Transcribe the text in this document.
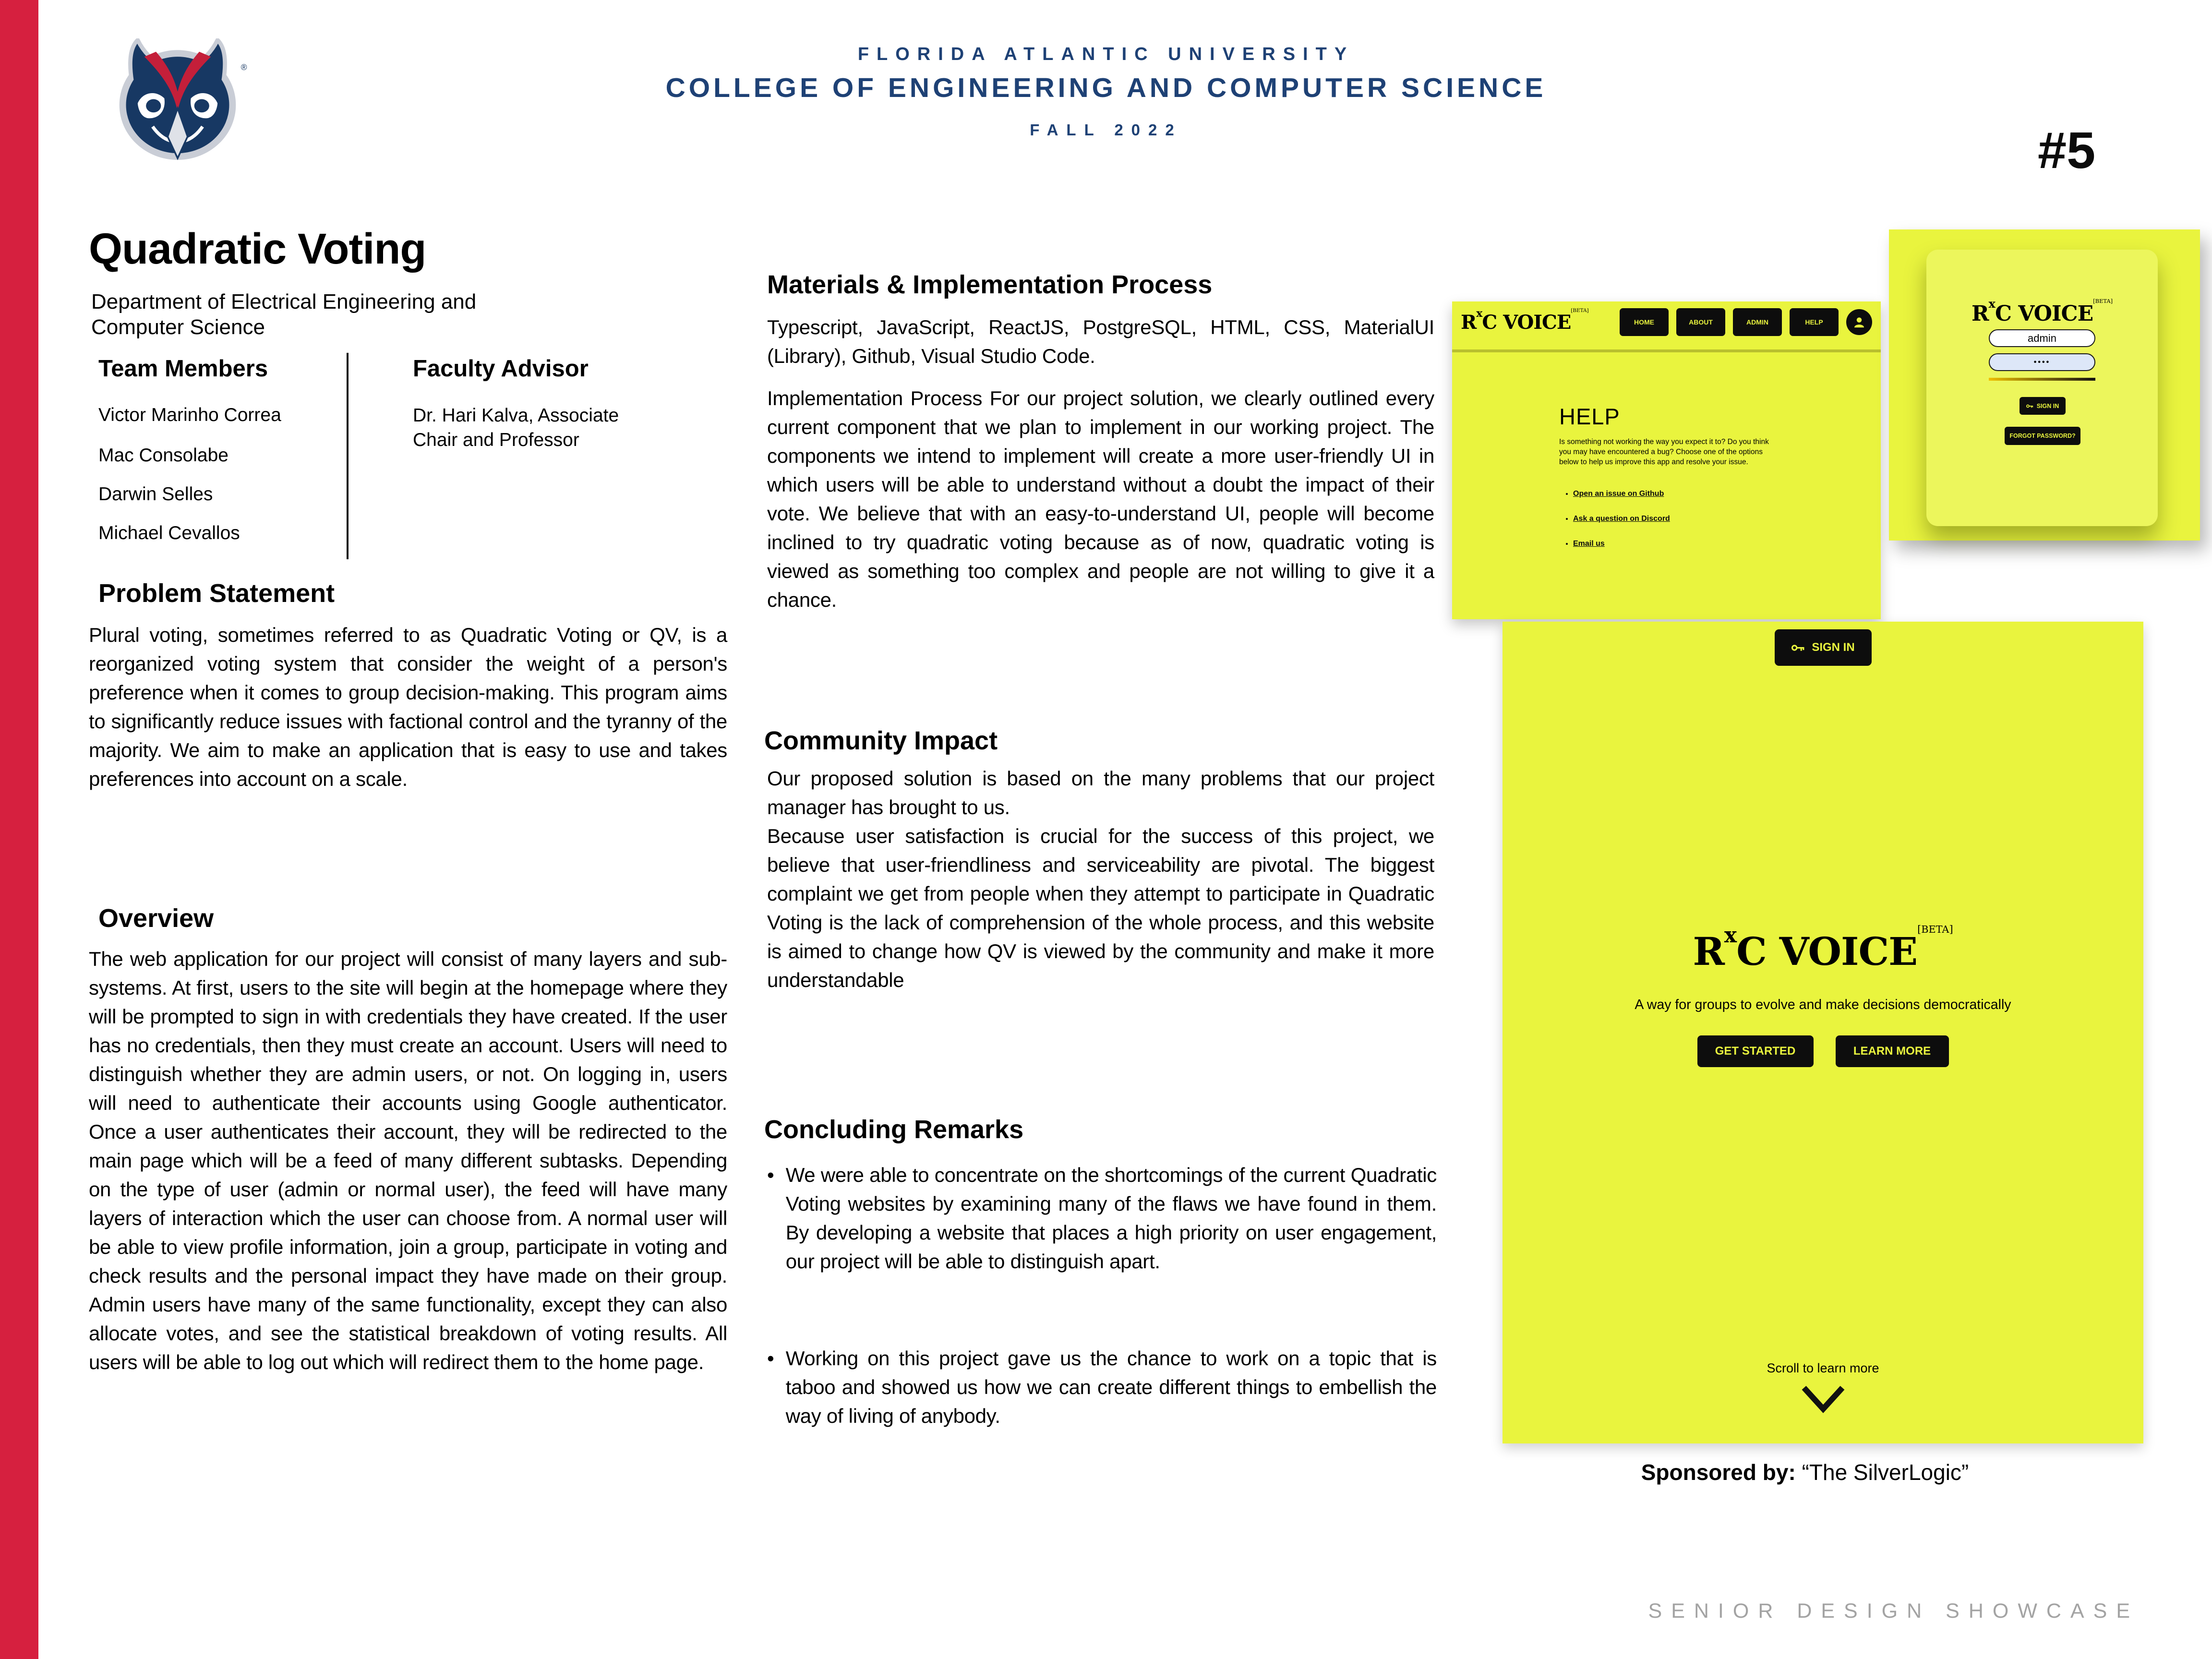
®
FLORIDA ATLANTIC UNIVERSITY
COLLEGE OF ENGINEERING AND COMPUTER SCIENCE
FALL 2022	#5
Quadratic Voting
Department of Electrical Engineering and Computer Science
Team Members
Victor Marinho Correa
Mac Consolabe
Darwin Selles
Michael Cevallos
Faculty Advisor
Dr. Hari Kalva, Associate Chair and Professor
Problem Statement
Plural voting, sometimes referred to as Quadratic Voting or QV, is a reorganized voting system that consider the weight of a person's preference when it comes to group decision-making. This program aims to significantly reduce issues with factional control and the tyranny of the majority. We aim to make an application that is easy to use and takes preferences into account on a scale.
Overview
The web application for our project will consist of many layers and sub-systems. At first, users to the site will begin at the homepage where they will be prompted to sign in with credentials they have created. If the user has no credentials, then they must create an account. Users will need to distinguish whether they are admin users, or not. On logging in, users will need to authenticate their accounts using Google authenticator. Once a user authenticates their account, they will be redirected to the main page which will be a feed of many different subtasks. Depending on the type of user (admin or normal user), the feed will have many layers of interaction which the user can choose from. A normal user will be able to view profile information, join a group, participate in voting and check results and the personal impact they have made on their group. Admin users have many of the same functionality, except they can also allocate votes, and see the statistical breakdown of voting results. All users will be able to log out which will redirect them to the home page.
Materials & Implementation Process
Typescript, JavaScript, ReactJS, PostgreSQL, HTML, CSS, MaterialUI (Library), Github, Visual Studio Code.
Implementation Process For our project solution, we clearly outlined every current component that we plan to implement in our working project. The components we intend to implement will create a more user-friendly UI in which users will be able to understand without a doubt the impact of their vote. We believe that with an easy-to-understand UI, people will become inclined to try quadratic voting because as of now, quadratic voting is viewed as something too complex and people are not willing to give it a chance.
Community Impact
Our proposed solution is based on the many problems that our project manager has brought to us.
Because user satisfaction is crucial for the success of this project, we believe that user-friendliness and serviceability are pivotal. The biggest complaint we get from people when they attempt to participate in Quadratic Voting is the lack of comprehension of the whole process, and this website is aimed to change how QV is viewed by the community and make it more understandable
Concluding Remarks
• We were able to concentrate on the shortcomings of the current Quadratic Voting websites by examining many of the flaws we have found in them. By developing a website that places a high priority on user engagement, our project will be able to distinguish apart.
• Working on this project gave us the chance to work on a topic that is taboo and showed us how we can create different things to embellish the way of living of anybody.
$R^xC$ VOICE[BETA]
HOME	ABOUT	ADMIN	HELP
HELP
Is something not working the way you expect it to? Do you think you may have encountered a bug? Choose one of the options below to help us improve this app and resolve your issue.
• Open an issue on Github
• Ask a question on Discord
• Email us
$R^xC$ VOICE[BETA]
admin
••••
SIGN IN
FORGOT PASSWORD?
SIGN IN
$R^xC$ VOICE[BETA]
A way for groups to evolve and make decisions democratically
GET STARTED	LEARN MORE
Scroll to learn more
Sponsored by: “The SilverLogic”
SENIOR DESIGN SHOWCASE
